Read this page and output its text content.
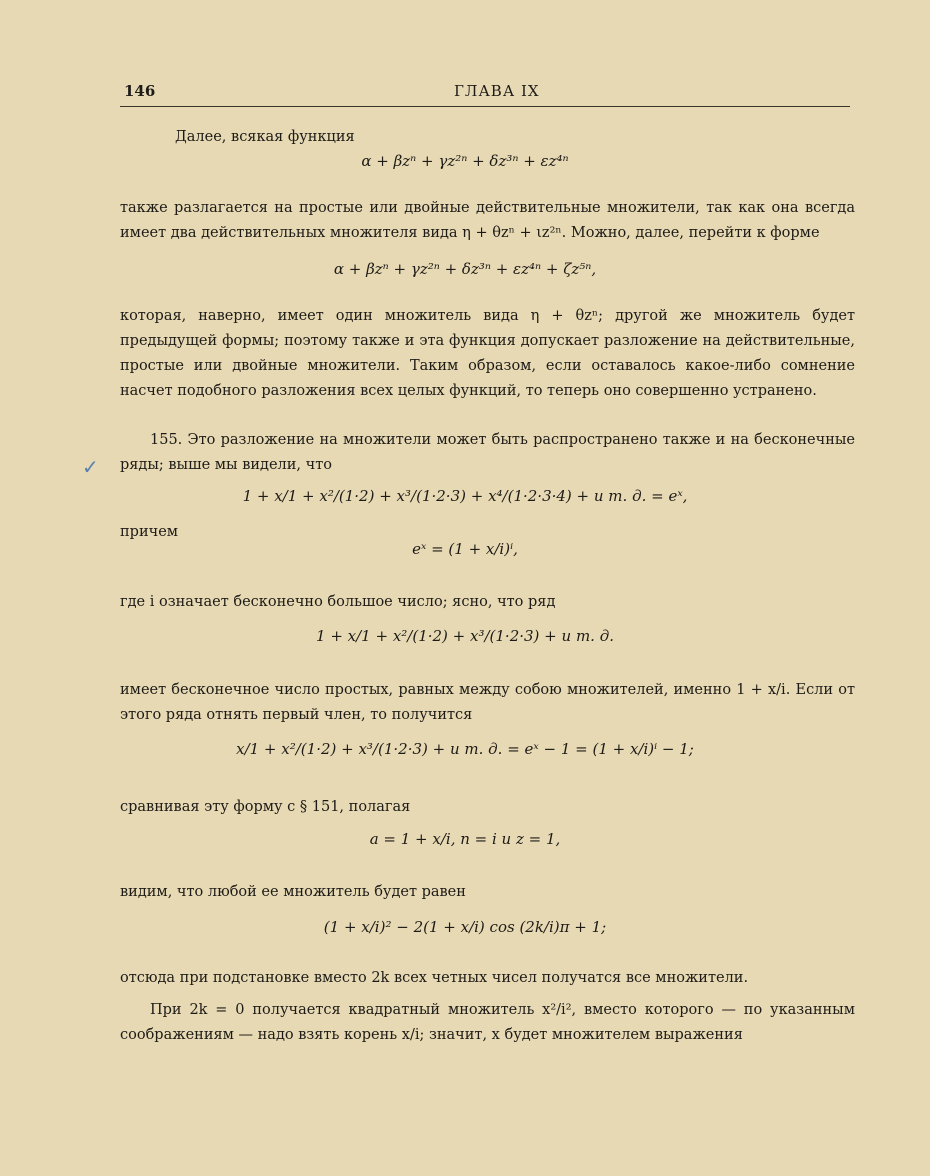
146	ГЛАВА IX
✓
Далее, всякая функция
α + βzⁿ + γz²ⁿ + δz³ⁿ + εz⁴ⁿ
также разлагается на простые или двойные действительные множители, так как она всегда имеет два действительных множителя вида η + θzⁿ + ιz²ⁿ. Можно, далее, перейти к форме
α + βzⁿ + γz²ⁿ + δz³ⁿ + εz⁴ⁿ + ζz⁵ⁿ,
которая, наверно, имеет один множитель вида η + θzⁿ; другой же множитель будет предыдущей формы; поэтому также и эта функция допускает разложение на действительные, простые или двойные множители. Таким образом, если оставалось какое-либо сомнение насчет подобного разложения всех целых функций, то теперь оно совершенно устранено.
155. Это разложение на множители может быть распространено также и на бесконечные ряды; выше мы видели, что
1 + x/1 + x²/(1·2) + x³/(1·2·3) + x⁴/(1·2·3·4) + и т. д. = eˣ,
причем
eˣ = (1 + x/i)ⁱ,
где i означает бесконечно большое число; ясно, что ряд
1 + x/1 + x²/(1·2) + x³/(1·2·3) + и т. д.
имеет бесконечное число простых, равных между собою множителей, именно 1 + x/i. Если от этого ряда отнять первый член, то получится
x/1 + x²/(1·2) + x³/(1·2·3) + и т. д. = eˣ − 1 = (1 + x/i)ⁱ − 1;
сравнивая эту форму с § 151, полагая
a = 1 + x/i, n = i и z = 1,
видим, что любой ее множитель будет равен
(1 + x/i)² − 2(1 + x/i) cos (2k/i)π + 1;
отсюда при подстановке вместо 2k всех четных чисел получатся все множители.
При 2k = 0 получается квадратный множитель x²/i², вместо которого — по указанным соображениям — надо взять корень x/i; значит, x будет множителем выражения
